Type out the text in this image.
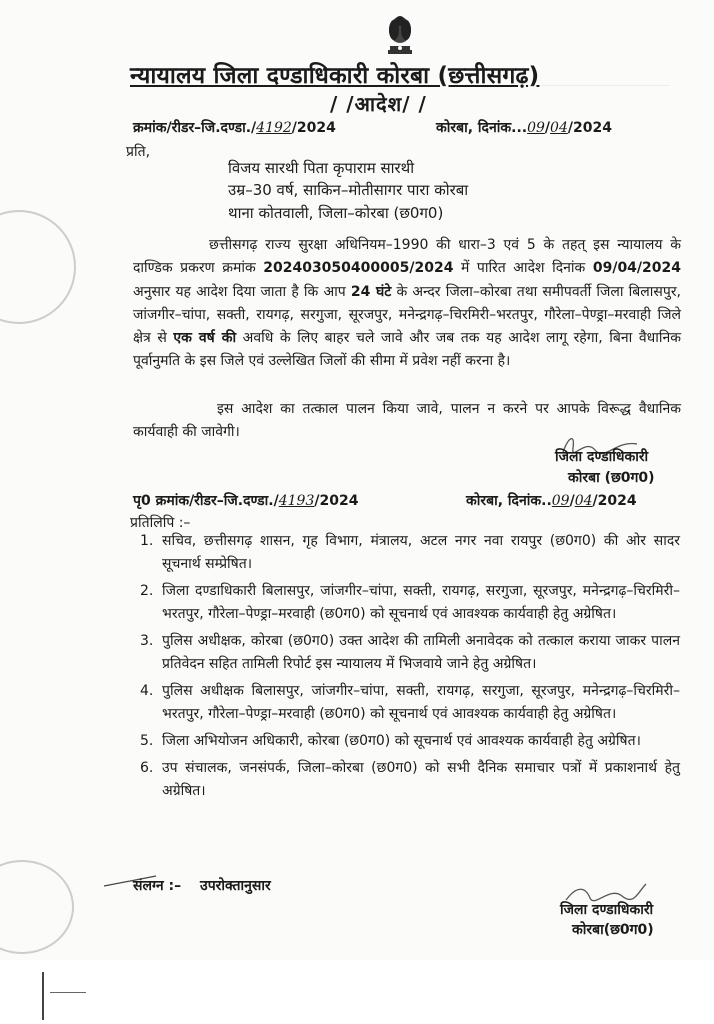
न्यायालय जिला दण्डाधिकारी कोरबा (छत्तीसगढ़)
/ /आदेश/ /
क्रमांक/रीडर–जि.दण्डा./4192/2024	कोरबा, दिनांक...09/04/2024
प्रति,
विजय सारथी पिता कृपाराम सारथी
उम्र–30 वर्ष, साकिन–मोतीसागर पारा कोरबा
थाना कोतवाली, जिला–कोरबा (छ0ग0)
छत्तीसगढ़ राज्य सुरक्षा अधिनियम–1990 की धारा–3 एवं 5 के तहत् इस न्यायालय के दाण्डिक प्रकरण क्रमांक 202403050400005/2024 में पारित आदेश दिनांक 09/04/2024 अनुसार यह आदेश दिया जाता है कि आप 24 घंटे के अन्दर जिला–कोरबा तथा समीपवर्ती जिला बिलासपुर, जांजगीर–चांपा, सक्ती, रायगढ़, सरगुजा, सूरजपुर, मनेन्द्रगढ़–चिरमिरी–भरतपुर, गौरेला–पेण्ड्रा–मरवाही जिले क्षेत्र से एक वर्ष की अवधि के लिए बाहर चले जावे और जब तक यह आदेश लागू रहेगा, बिना वैधानिक पूर्वानुमति के इस जिले एवं उल्लेखित जिलों की सीमा में प्रवेश नहीं करना है।
इस आदेश का तत्काल पालन किया जावे, पालन न करने पर आपके विरूद्ध वैधानिक कार्यवाही की जावेगी।
जिला दण्डाधिकारी
कोरबा (छ0ग0)
पृ0 क्रमांक/रीडर–जि.दण्डा./4193/2024	कोरबा, दिनांक..09/04/2024
प्रतिलिपि :–
1. सचिव, छत्तीसगढ़ शासन, गृह विभाग, मंत्रालय, अटल नगर नवा रायपुर (छ0ग0) की ओर सादर सूचनार्थ सम्प्रेषित।
2. जिला दण्डाधिकारी बिलासपुर, जांजगीर–चांपा, सक्ती, रायगढ़, सरगुजा, सूरजपुर, मनेन्द्रगढ़–चिरमिरी–भरतपुर, गौरेला–पेण्ड्रा–मरवाही (छ0ग0) को सूचनार्थ एवं आवश्यक कार्यवाही हेतु अग्रेषित।
3. पुलिस अधीक्षक, कोरबा (छ0ग0) उक्त आदेश की तामिली अनावेदक को तत्काल कराया जाकर पालन प्रतिवेदन सहित तामिली रिपोर्ट इस न्यायालय में भिजवाये जाने हेतु अग्रेषित।
4. पुलिस अधीक्षक बिलासपुर, जांजगीर–चांपा, सक्ती, रायगढ़, सरगुजा, सूरजपुर, मनेन्द्रगढ़–चिरमिरी–भरतपुर, गौरेला–पेण्ड्रा–मरवाही (छ0ग0) को सूचनार्थ एवं आवश्यक कार्यवाही हेतु अग्रेषित।
5. जिला अभियोजन अधिकारी, कोरबा (छ0ग0) को सूचनार्थ एवं आवश्यक कार्यवाही हेतु अग्रेषित।
6. उप संचालक, जनसंपर्क, जिला–कोरबा (छ0ग0) को सभी दैनिक समाचार पत्रों में प्रकाशनार्थ हेतु अग्रेषित।
संलग्न :– उपरोक्तानुसार
जिला दण्डाधिकारी
कोरबा(छ0ग0)
